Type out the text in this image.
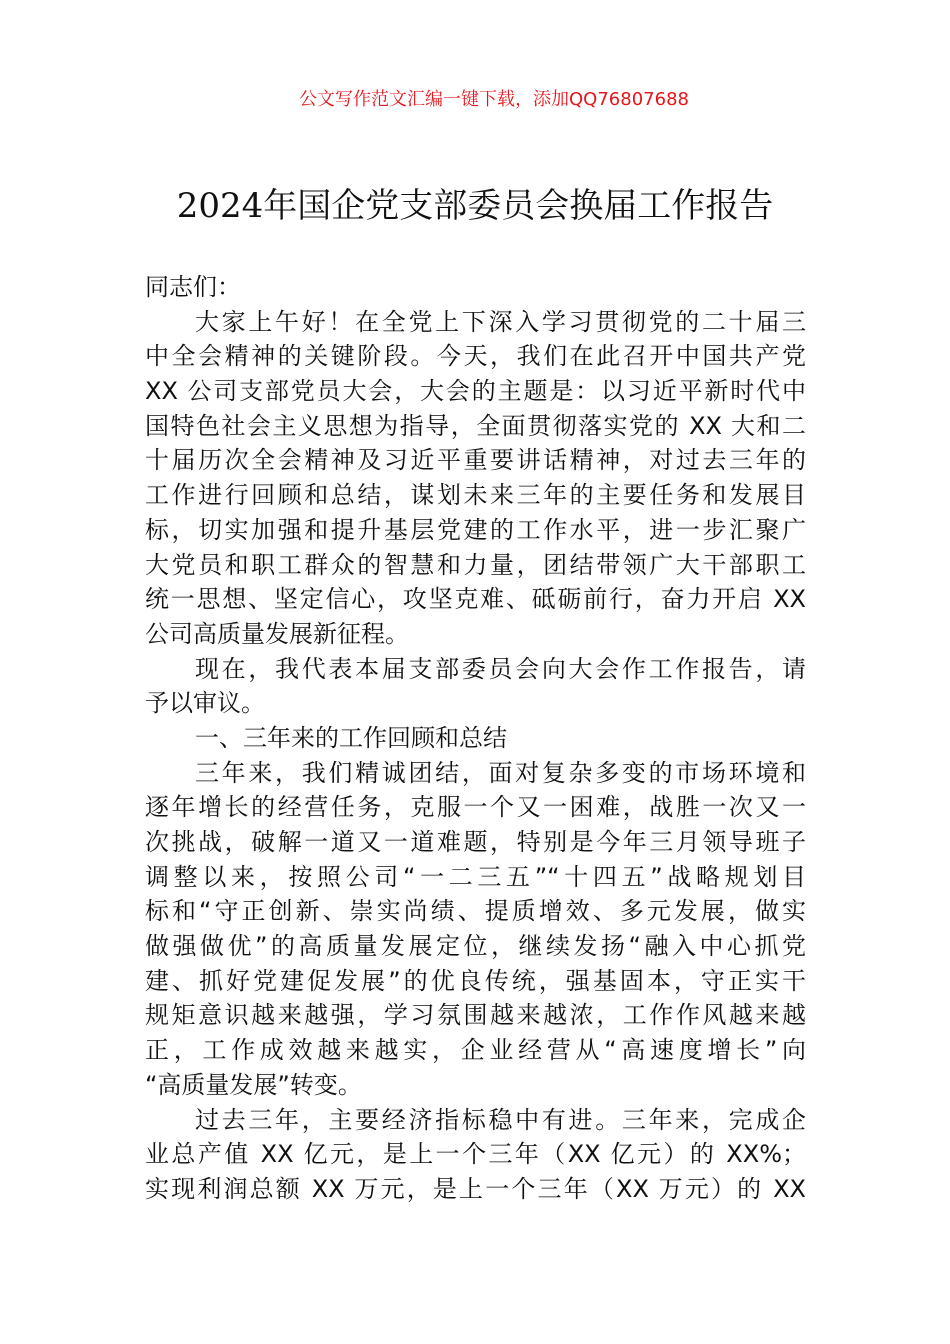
公文写作范文汇编一键下载，添加QQ76807688
2024年国企党支部委员会换届工作报告
同志们：
大家上午好！在全党上下深入学习贯彻党的二十届三
中全会精神的关键阶段。今天，我们在此召开中国共产党
XX 公司支部党员大会，大会的主题是：以习近平新时代中
国特色社会主义思想为指导，全面贯彻落实党的 XX 大和二
十届历次全会精神及习近平重要讲话精神，对过去三年的
工作进行回顾和总结，谋划未来三年的主要任务和发展目
标，切实加强和提升基层党建的工作水平，进一步汇聚广
大党员和职工群众的智慧和力量，团结带领广大干部职工
统一思想、坚定信心，攻坚克难、砥砺前行，奋力开启 XX
公司高质量发展新征程。
现在，我代表本届支部委员会向大会作工作报告，请
予以审议。
一、三年来的工作回顾和总结
三年来，我们精诚团结，面对复杂多变的市场环境和
逐年增长的经营任务，克服一个又一困难，战胜一次又一
次挑战，破解一道又一道难题，特别是今年三月领导班子
调整以来，按照公司“一二三五”“十四五”战略规划目
标和“守正创新、崇实尚绩、提质增效、多元发展，做实
做强做优”的高质量发展定位，继续发扬“融入中心抓党
建、抓好党建促发展”的优良传统，强基固本，守正实干
规矩意识越来越强，学习氛围越来越浓，工作作风越来越
正，工作成效越来越实，企业经营从“高速度增长”向
“高质量发展”转变。
过去三年，主要经济指标稳中有进。三年来，完成企
业总产值 XX 亿元，是上一个三年（XX 亿元）的 XX%；
实现利润总额 XX 万元，是上一个三年（XX 万元）的 XX
